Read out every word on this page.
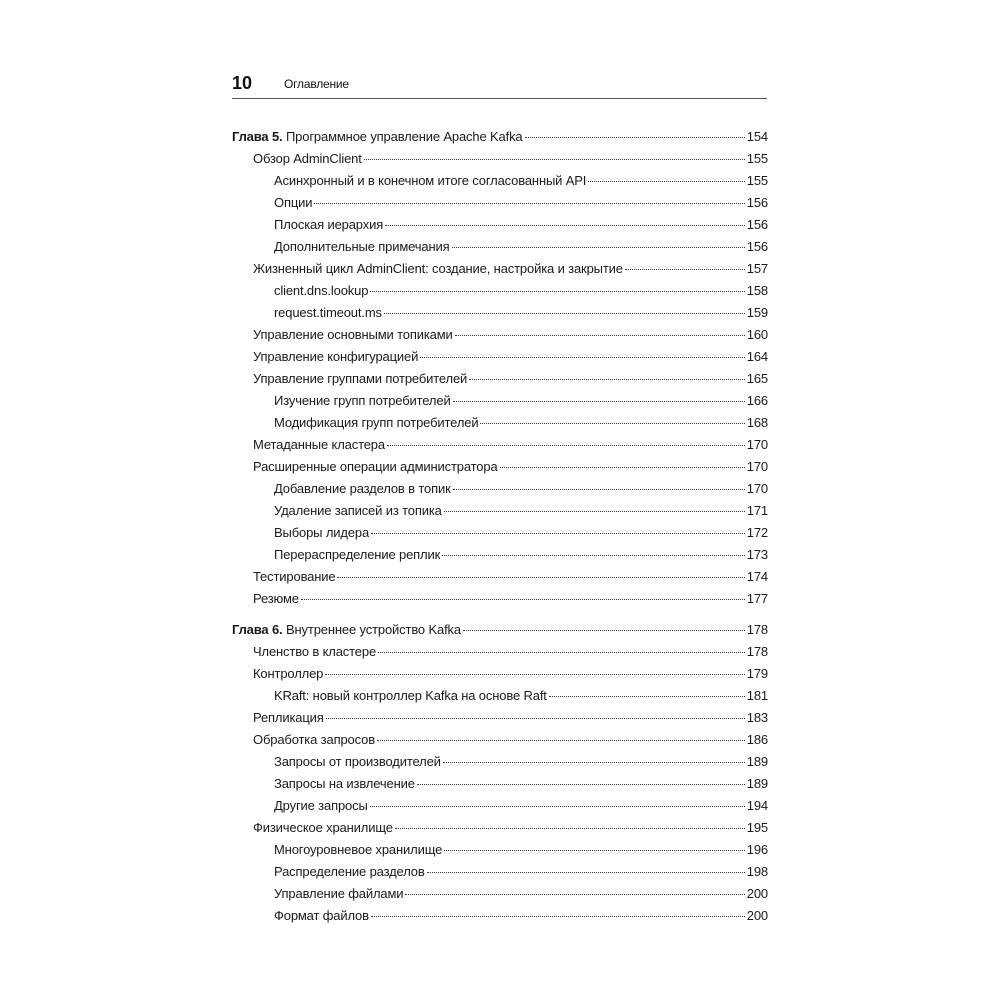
10	Оглавление
Глава 5. Программное управление Apache Kafka	154
Обзор AdminClient	155
Асинхронный и в конечном итоге согласованный API	155
Опции	156
Плоская иерархия	156
Дополнительные примечания	156
Жизненный цикл AdminClient: создание, настройка и закрытие	157
client.dns.lookup	158
request.timeout.ms	159
Управление основными топиками	160
Управление конфигурацией	164
Управление группами потребителей	165
Изучение групп потребителей	166
Модификация групп потребителей	168
Метаданные кластера	170
Расширенные операции администратора	170
Добавление разделов в топик	170
Удаление записей из топика	171
Выборы лидера	172
Перераспределение реплик	173
Тестирование	174
Резюме	177
Глава 6. Внутреннее устройство Kafka	178
Членство в кластере	178
Контроллер	179
KRaft: новый контроллер Kafka на основе Raft	181
Репликация	183
Обработка запросов	186
Запросы от производителей	189
Запросы на извлечение	189
Другие запросы	194
Физическое хранилище	195
Многоуровневое хранилище	196
Распределение разделов	198
Управление файлами	200
Формат файлов	200
